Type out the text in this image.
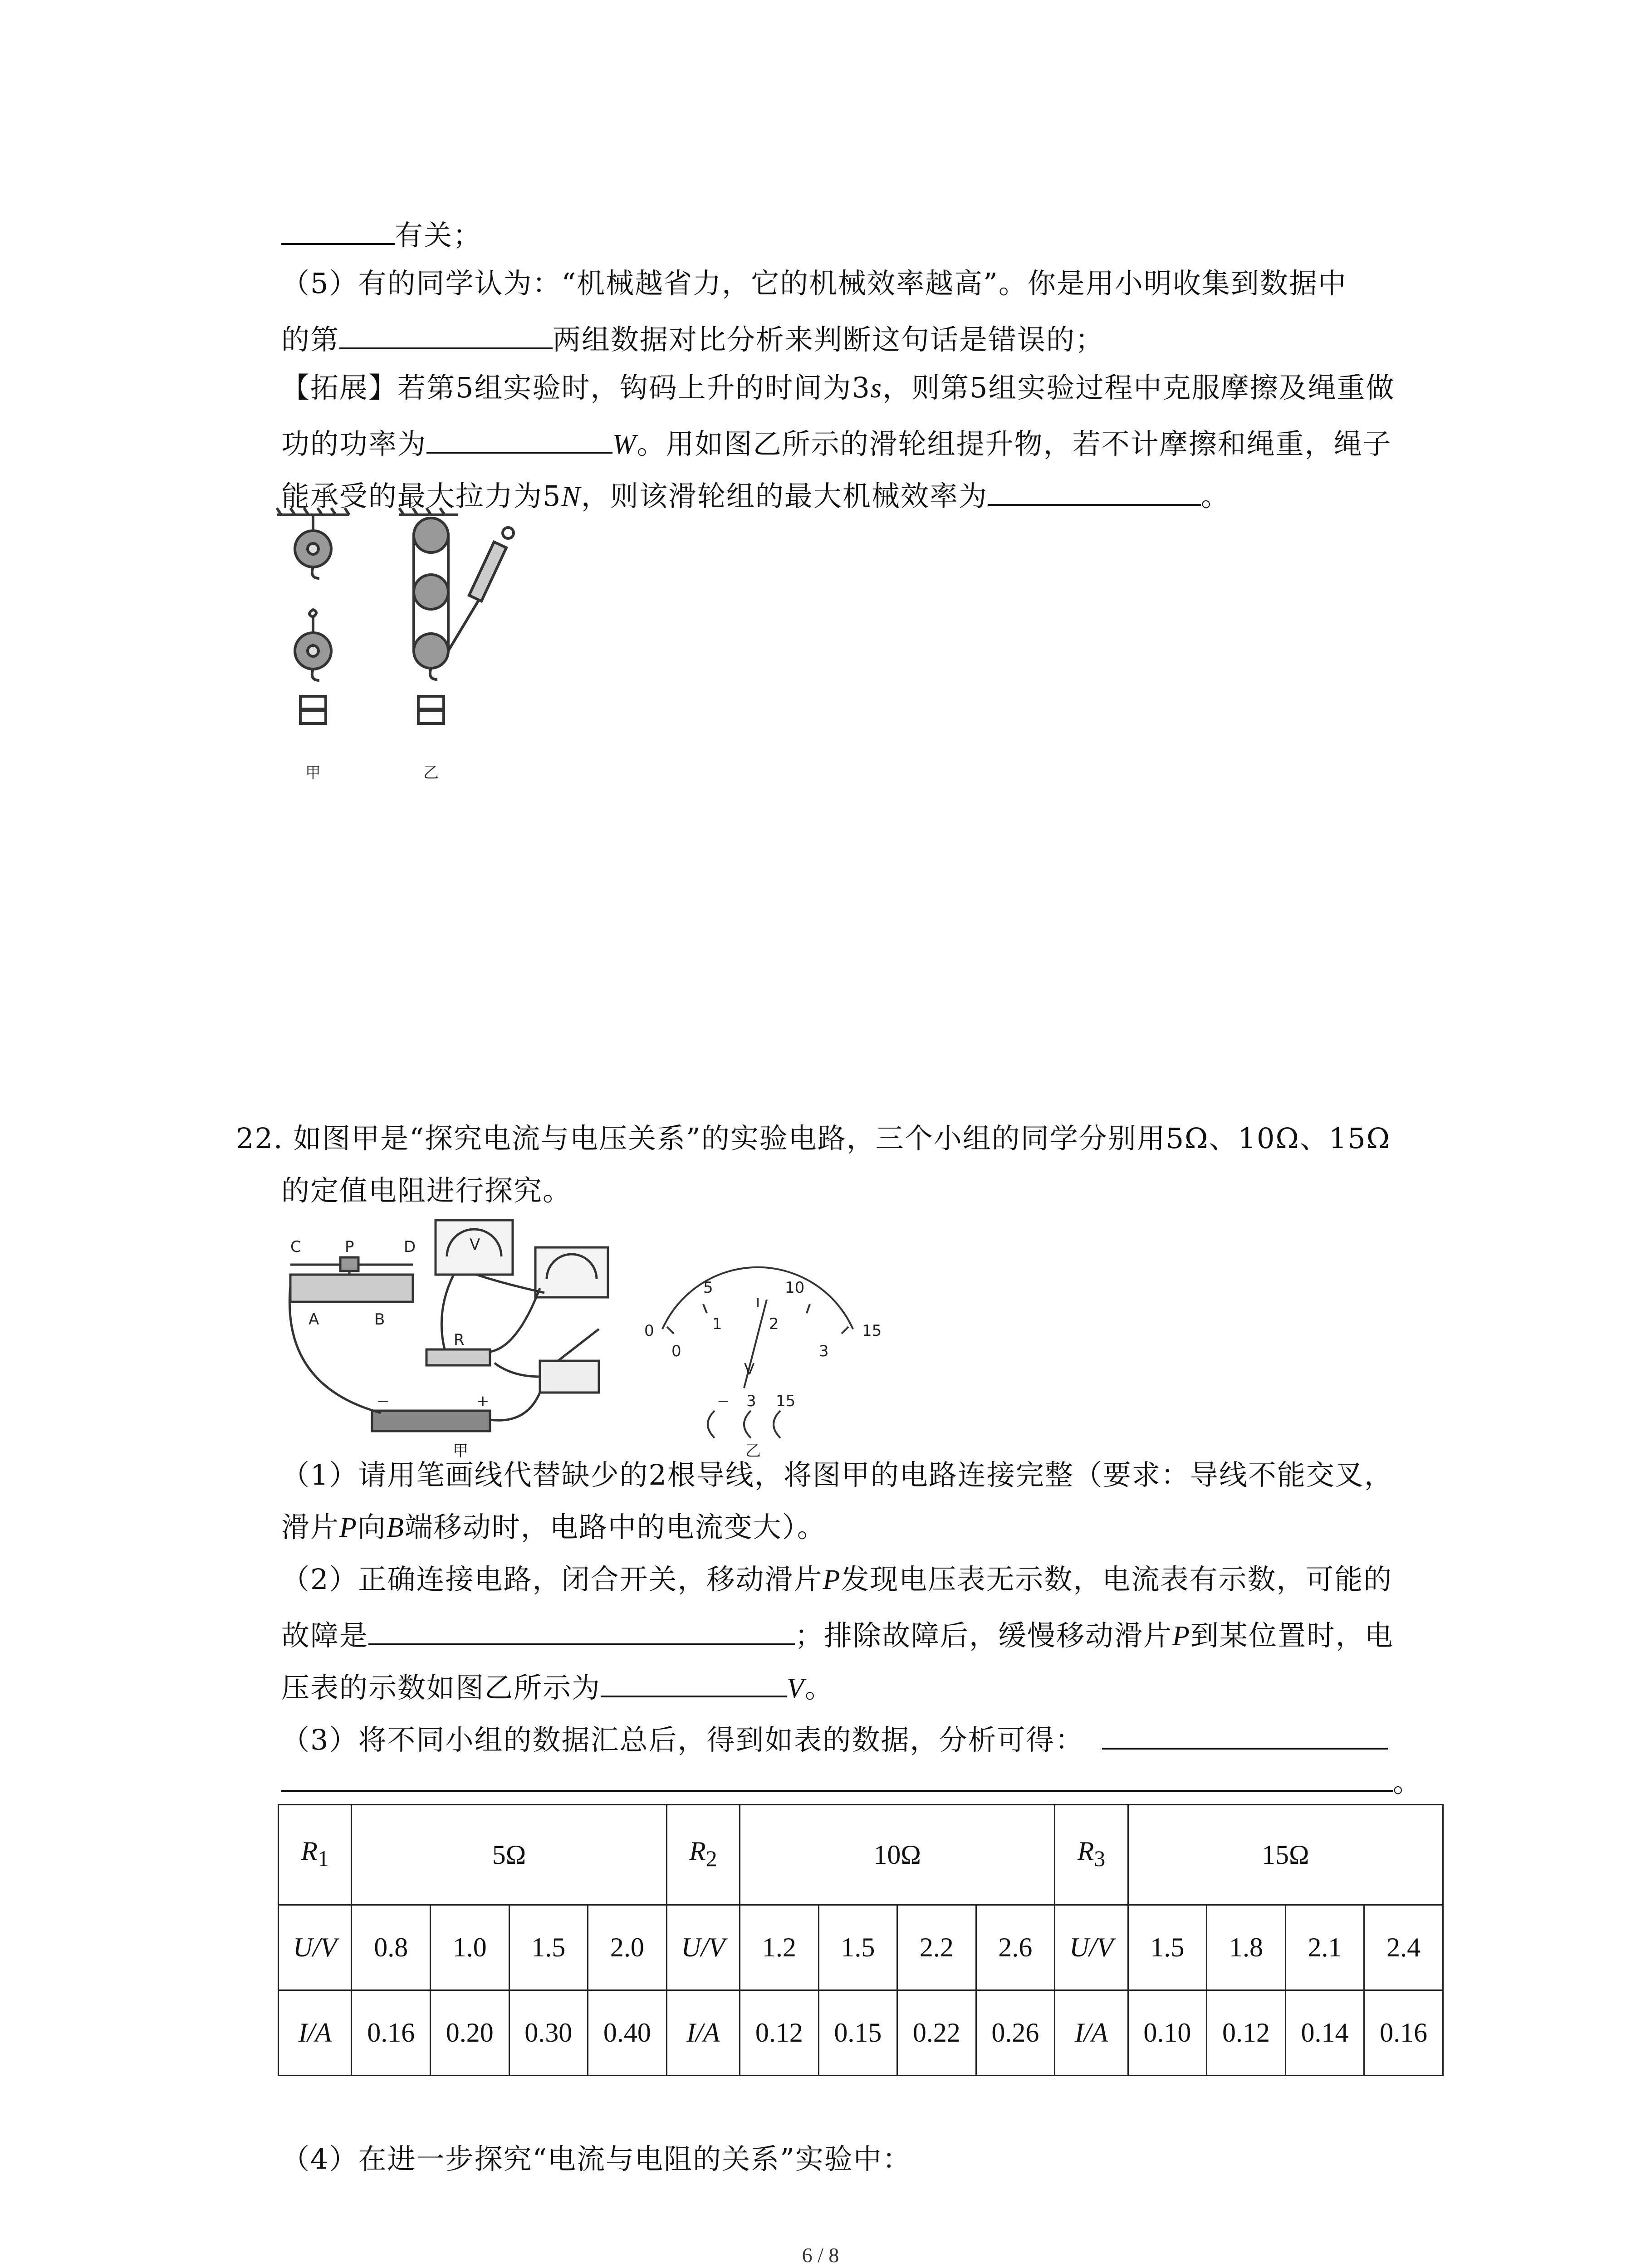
有关；
（5）有的同学认为：“机械越省力，它的机械效率越高”。你是用小明收集到数据中
的第	两组数据对比分析来判断这句话是错误的；
【拓展】若第5组实验时，钩码上升的时间为3s，则第5组实验过程中克服摩擦及绳重做
功的功率为	W。用如图乙所示的滑轮组提升物，若不计摩擦和绳重，绳子
能承受的最大拉力为5N，则该滑轮组的最大机械效率为	。
甲	乙
22. 如图甲是“探究电流与电压关系”的实验电路，三个小组的同学分别用5Ω、10Ω、15Ω
的定值电阻进行探究。
C	P	D
A	B
R
V
−	+
甲
0
5	10
15
0
1	2
3
V
− 3 15
乙
（1）请用笔画线代替缺少的2根导线，将图甲的电路连接完整（要求：导线不能交叉，
滑片P向B端移动时，电路中的电流变大）。
（2）正确连接电路，闭合开关，移动滑片P发现电压表无示数，电流表有示数，可能的
故障是	；排除故障后，缓慢移动滑片P到某位置时，电
压表的示数如图乙所示为	V。
（3）将不同小组的数据汇总后，得到如表的数据，分析可得：
。
$R_1$	5Ω				$R_2$	10Ω				$R_3$	15Ω			
U/V	0.8	1.0	1.5	2.0	U/V	1.2	1.5	2.2	2.6	U/V	1.5	1.8	2.1	2.4
I/A	0.16	0.20	0.30	0.40	I/A	0.12	0.15	0.22	0.26	I/A	0.10	0.12	0.14	0.16
（4）在进一步探究“电流与电阻的关系”实验中：
6 / 8
